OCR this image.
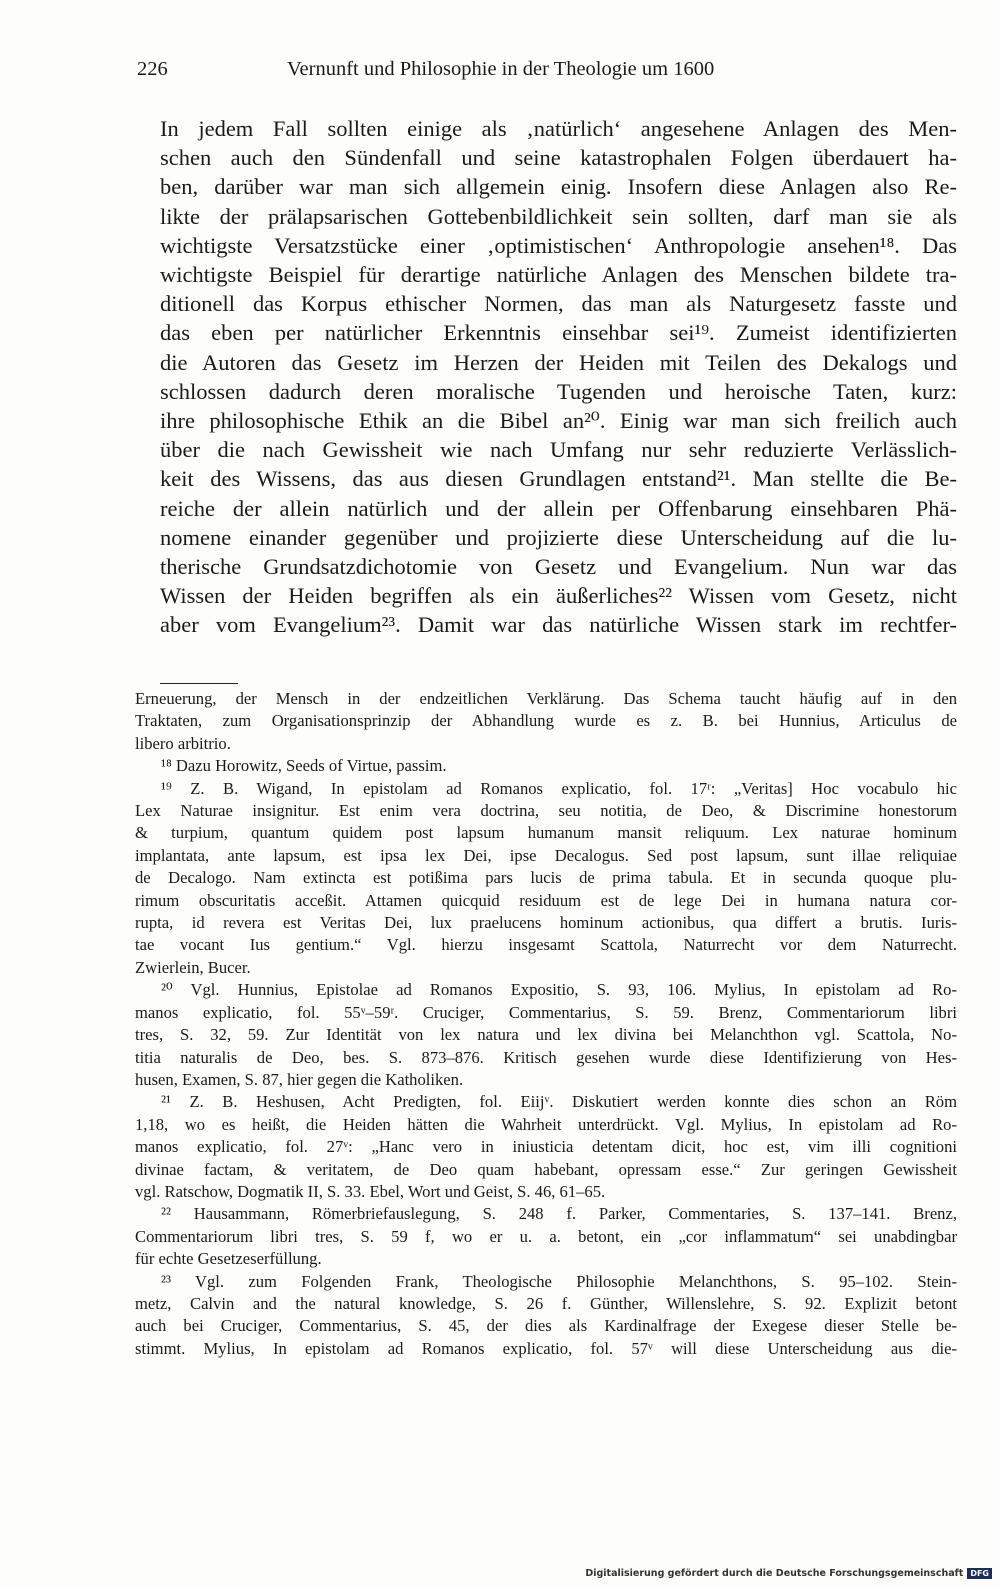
226	Vernunft und Philosophie in der Theologie um 1600
In jedem Fall sollten einige als ‚natürlich‘ angesehene Anlagen des Men-
schen auch den Sündenfall und seine katastrophalen Folgen überdauert ha-
ben, darüber war man sich allgemein einig. Insofern diese Anlagen also Re-
likte der prälapsarischen Gottebenbildlichkeit sein sollten, darf man sie als
wichtigste Versatzstücke einer ‚optimistischen‘ Anthropologie ansehen¹⁸. Das
wichtigste Beispiel für derartige natürliche Anlagen des Menschen bildete tra-
ditionell das Korpus ethischer Normen, das man als Naturgesetz fasste und
das eben per natürlicher Erkenntnis einsehbar sei¹⁹. Zumeist identifizierten
die Autoren das Gesetz im Herzen der Heiden mit Teilen des Dekalogs und
schlossen dadurch deren moralische Tugenden und heroische Taten, kurz:
ihre philosophische Ethik an die Bibel an²⁰. Einig war man sich freilich auch
über die nach Gewissheit wie nach Umfang nur sehr reduzierte Verlässlich-
keit des Wissens, das aus diesen Grundlagen entstand²¹. Man stellte die Be-
reiche der allein natürlich und der allein per Offenbarung einsehbaren Phä-
nomene einander gegenüber und projizierte diese Unterscheidung auf die lu-
therische Grundsatzdichotomie von Gesetz und Evangelium. Nun war das
Wissen der Heiden begriffen als ein äußerliches²² Wissen vom Gesetz, nicht
aber vom Evangelium²³. Damit war das natürliche Wissen stark im rechtfer-
Erneuerung, der Mensch in der endzeitlichen Verklärung. Das Schema taucht häufig auf in den
Traktaten, zum Organisationsprinzip der Abhandlung wurde es z. B. bei Hunnius, Articulus de
libero arbitrio.
¹⁸ Dazu Horowitz, Seeds of Virtue, passim.
¹⁹ Z. B. Wigand, In epistolam ad Romanos explicatio, fol. 17ʳ: „Veritas] Hoc vocabulo hic
Lex Naturae insignitur. Est enim vera doctrina, seu notitia, de Deo, & Discrimine honestorum
& turpium, quantum quidem post lapsum humanum mansit reliquum. Lex naturae hominum
implantata, ante lapsum, est ipsa lex Dei, ipse Decalogus. Sed post lapsum, sunt illae reliquiae
de Decalogo. Nam extincta est potißima pars lucis de prima tabula. Et in secunda quoque plu-
rimum obscuritatis acceßit. Attamen quicquid residuum est de lege Dei in humana natura cor-
rupta, id revera est Veritas Dei, lux praelucens hominum actionibus, qua differt a brutis. Iuris-
tae vocant Ius gentium.“ Vgl. hierzu insgesamt Scattola, Naturrecht vor dem Naturrecht.
Zwierlein, Bucer.
²⁰ Vgl. Hunnius, Epistolae ad Romanos Expositio, S. 93, 106. Mylius, In epistolam ad Ro-
manos explicatio, fol. 55ᵛ–59ʳ. Cruciger, Commentarius, S. 59. Brenz, Commentariorum libri
tres, S. 32, 59. Zur Identität von lex natura und lex divina bei Melanchthon vgl. Scattola, No-
titia naturalis de Deo, bes. S. 873–876. Kritisch gesehen wurde diese Identifizierung von Hes-
husen, Examen, S. 87, hier gegen die Katholiken.
²¹ Z. B. Heshusen, Acht Predigten, fol. Eiijᵛ. Diskutiert werden konnte dies schon an Röm
1,18, wo es heißt, die Heiden hätten die Wahrheit unterdrückt. Vgl. Mylius, In epistolam ad Ro-
manos explicatio, fol. 27ᵛ: „Hanc vero in iniusticia detentam dicit, hoc est, vim illi cognitioni
divinae factam, & veritatem, de Deo quam habebant, opressam esse.“ Zur geringen Gewissheit
vgl. Ratschow, Dogmatik II, S. 33. Ebel, Wort und Geist, S. 46, 61–65.
²² Hausammann, Römerbriefauslegung, S. 248 f. Parker, Commentaries, S. 137–141. Brenz,
Commentariorum libri tres, S. 59 f, wo er u. a. betont, ein „cor inflammatum“ sei unabdingbar
für echte Gesetzeserfüllung.
²³ Vgl. zum Folgenden Frank, Theologische Philosophie Melanchthons, S. 95–102. Stein-
metz, Calvin and the natural knowledge, S. 26 f. Günther, Willenslehre, S. 92. Explizit betont
auch bei Cruciger, Commentarius, S. 45, der dies als Kardinalfrage der Exegese dieser Stelle be-
stimmt. Mylius, In epistolam ad Romanos explicatio, fol. 57ᵛ will diese Unterscheidung aus die-
Digitalisierung gefördert durch die Deutsche Forschungsgemeinschaft DFG
